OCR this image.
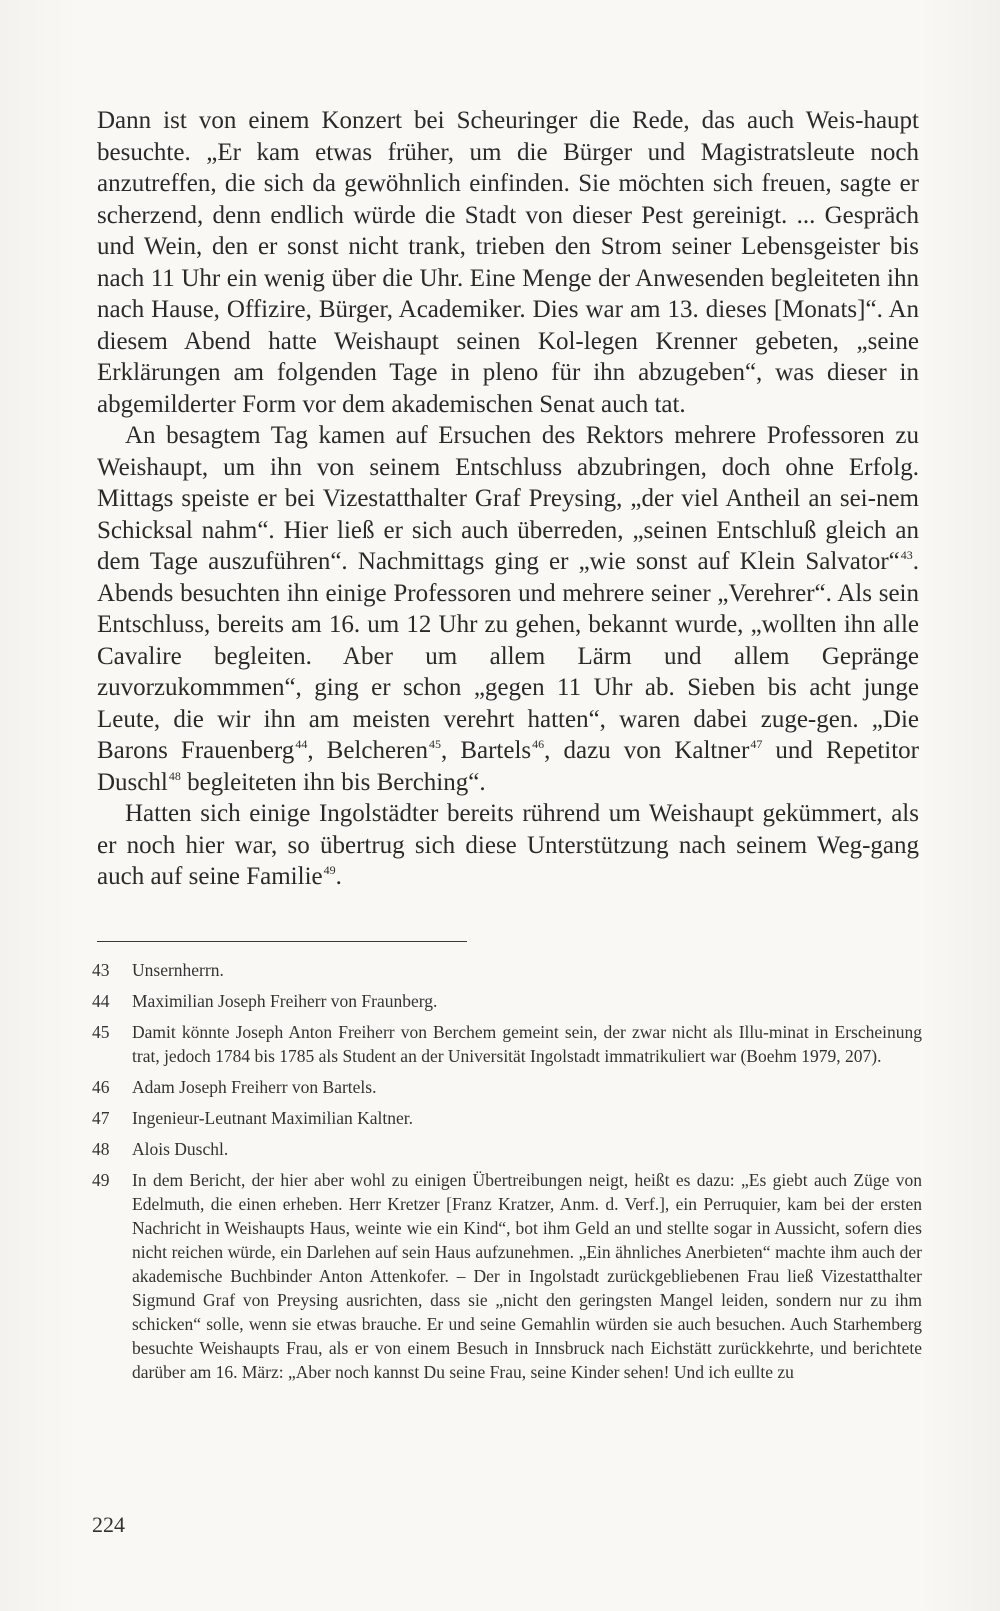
Dann ist von einem Konzert bei Scheuringer die Rede, das auch Weis-haupt besuchte. „Er kam etwas früher, um die Bürger und Magistratsleute noch anzutreffen, die sich da gewöhnlich einfinden. Sie möchten sich freuen, sagte er scherzend, denn endlich würde die Stadt von dieser Pest gereinigt. ... Gespräch und Wein, den er sonst nicht trank, trieben den Strom seiner Lebensgeister bis nach 11 Uhr ein wenig über die Uhr. Eine Menge der Anwesenden begleiteten ihn nach Hause, Offizire, Bürger, Academiker. Dies war am 13. dieses [Monats]“. An diesem Abend hatte Weishaupt seinen Kol-legen Krenner gebeten, „seine Erklärungen am folgenden Tage in pleno für ihn abzugeben“, was dieser in abgemilderter Form vor dem akademischen Senat auch tat.

An besagtem Tag kamen auf Ersuchen des Rektors mehrere Professoren zu Weishaupt, um ihn von seinem Entschluss abzubringen, doch ohne Erfolg. Mittags speiste er bei Vizestatthalter Graf Preysing, „der viel Antheil an sei-nem Schicksal nahm“. Hier ließ er sich auch überreden, „seinen Entschluß gleich an dem Tage auszuführen“. Nachmittags ging er „wie sonst auf Klein Salvator“$^{43}$. Abends besuchten ihn einige Professoren und mehrere seiner „Verehrer“. Als sein Entschluss, bereits am 16. um 12 Uhr zu gehen, bekannt wurde, „wollten ihn alle Cavalire begleiten. Aber um allem Lärm und allem Gepränge zuvorzukommmen“, ging er schon „gegen 11 Uhr ab. Sieben bis acht junge Leute, die wir ihn am meisten verehrt hatten“, waren dabei zuge-gen. „Die Barons Frauenberg$^{44}$, Belcheren$^{45}$, Bartels$^{46}$, dazu von Kaltner$^{47}$ und Repetitor Duschl$^{48}$ begleiteten ihn bis Berching“.

Hatten sich einige Ingolstädter bereits rührend um Weishaupt gekümmert, als er noch hier war, so übertrug sich diese Unterstützung nach seinem Weg-gang auch auf seine Familie$^{49}$.

43	Unsernherrn.
44	Maximilian Joseph Freiherr von Fraunberg.
45	Damit könnte Joseph Anton Freiherr von Berchem gemeint sein, der zwar nicht als Illu-minat in Erscheinung trat, jedoch 1784 bis 1785 als Student an der Universität Ingolstadt immatrikuliert war (Boehm 1979, 207).
46	Adam Joseph Freiherr von Bartels.
47	Ingenieur-Leutnant Maximilian Kaltner.
48	Alois Duschl.
49	In dem Bericht, der hier aber wohl zu einigen Übertreibungen neigt, heißt es dazu: „Es giebt auch Züge von Edelmuth, die einen erheben. Herr Kretzer [Franz Kratzer, Anm. d. Verf.], ein Perruquier, kam bei der ersten Nachricht in Weishaupts Haus, weinte wie ein Kind“, bot ihm Geld an und stellte sogar in Aussicht, sofern dies nicht reichen würde, ein Darlehen auf sein Haus aufzunehmen. „Ein ähnliches Anerbieten“ machte ihm auch der akademische Buchbinder Anton Attenkofer. – Der in Ingolstadt zurückgebliebenen Frau ließ Vizestatthalter Sigmund Graf von Preysing ausrichten, dass sie „nicht den geringsten Mangel leiden, sondern nur zu ihm schicken“ solle, wenn sie etwas brauche. Er und seine Gemahlin würden sie auch besuchen. Auch Starhemberg besuchte Weishaupts Frau, als er von einem Besuch in Innsbruck nach Eichstätt zurückkehrte, und berichtete darüber am 16. März: „Aber noch kannst Du seine Frau, seine Kinder sehen! Und ich eullte zu
224
